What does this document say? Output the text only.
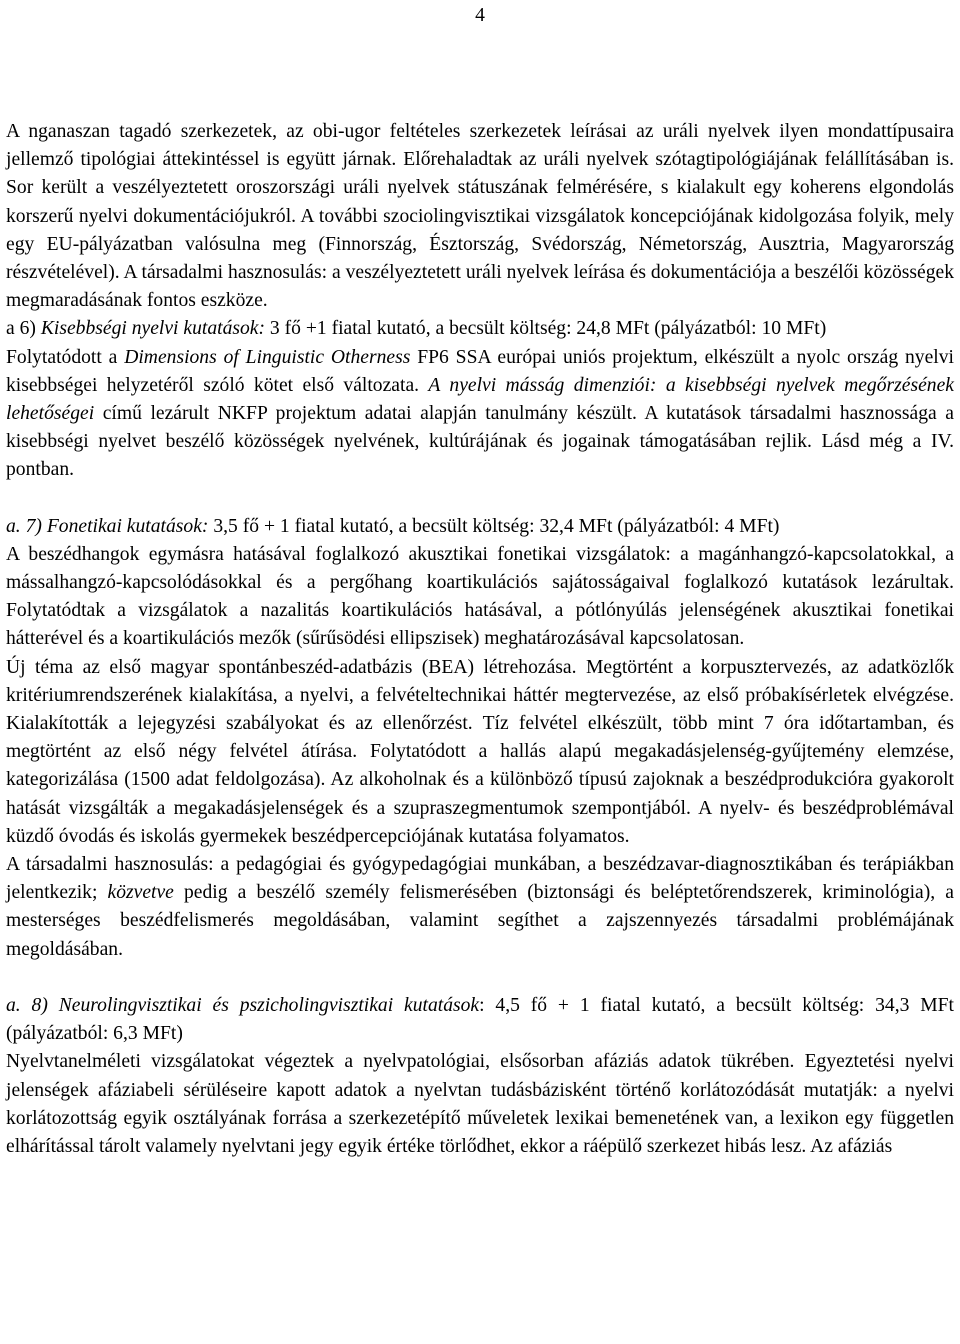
4

A nganaszan tagadó szerkezetek, az obi-ugor feltételes szerkezetek leírásai az uráli nyelvek ilyen mondattípusaira jellemző tipológiai áttekintéssel is együtt járnak. Előrehaladtak az uráli nyelvek szótagtipológiájának felállításában is. Sor került a veszélyeztetett oroszországi uráli nyelvek státuszának felmérésére, s kialakult egy koherens elgondolás korszerű nyelvi dokumentációjukról. A további szociolingvisztikai vizsgálatok koncepciójának kidolgozása folyik, mely egy EU-pályázatban valósulna meg (Finnország, Észtország, Svédország, Németország, Ausztria, Magyarország részvételével). A társadalmi hasznosulás: a veszélyeztetett uráli nyelvek leírása és dokumentációja a beszélői közösségek megmaradásának fontos eszköze.

a 6) Kisebbségi nyelvi kutatások: 3 fő +1 fiatal kutató, a becsült költség: 24,8 MFt (pályázatból: 10 MFt)

Folytatódott a Dimensions of Linguistic Otherness FP6 SSA európai uniós projektum, elkészült a nyolc ország nyelvi kisebbségei helyzetéről szóló kötet első változata. A nyelvi másság dimenziói: a kisebbségi nyelvek megőrzésének lehetőségei című lezárult NKFP projektum adatai alapján tanulmány készült. A kutatások társadalmi hasznossága a kisebbségi nyelvet beszélő közösségek nyelvének, kultúrájának és jogainak támogatásában rejlik. Lásd még a IV. pontban.

a. 7) Fonetikai kutatások: 3,5 fő + 1 fiatal kutató, a becsült költség: 32,4 MFt (pályázatból: 4 MFt)

A beszédhangok egymásra hatásával foglalkozó akusztikai fonetikai vizsgálatok: a magánhangzó-kapcsolatokkal, a mássalhangzó-kapcsolódásokkal és a pergőhang koartikulációs sajátosságaival foglalkozó kutatások lezárultak. Folytatódtak a vizsgálatok a nazalitás koartikulációs hatásával, a pótlónyúlás jelenségének akusztikai fonetikai hátterével és a koartikulációs mezők (sűrűsödési ellipszisek) meghatározásával kapcsolatosan.

Új téma az első magyar spontánbeszéd-adatbázis (BEA) létrehozása. Megtörtént a korpusztervezés, az adatközlők kritériumrendszerének kialakítása, a nyelvi, a felvételtechnikai háttér megtervezése, az első próbakísérletek elvégzése. Kialakították a lejegyzési szabályokat és az ellenőrzést. Tíz felvétel elkészült, több mint 7 óra időtartamban, és megtörtént az első négy felvétel átírása. Folytatódott a hallás alapú megakadásjelenség-gyűjtemény elemzése, kategorizálása (1500 adat feldolgozása). Az alkoholnak és a különböző típusú zajoknak a beszédprodukcióra gyakorolt hatását vizsgálták a megakadásjelenségek és a szupraszegmentumok szempontjából. A nyelv- és beszédproblémával küzdő óvodás és iskolás gyermekek beszédpercepciójának kutatása folyamatos.

A társadalmi hasznosulás: a pedagógiai és gyógypedagógiai munkában, a beszédzavar-diagnosztikában és terápiákban jelentkezik; közvetve pedig a beszélő személy felismerésében (biztonsági és beléptetőrendszerek, kriminológia), a mesterséges beszédfelismerés megoldásában, valamint segíthet a zajszennyezés társadalmi problémájának megoldásában.

a. 8) Neurolingvisztikai és pszicholingvisztikai kutatások: 4,5 fő + 1 fiatal kutató, a becsült költség: 34,3 MFt (pályázatból: 6,3 MFt)

Nyelvtanelméleti vizsgálatokat végeztek a nyelvpatológiai, elsősorban afáziás adatok tükrében. Egyeztetési nyelvi jelenségek afáziabeli sérüléseire kapott adatok a nyelvtan tudásbázisként történő korlátozódását mutatják: a nyelvi korlátozottság egyik osztályának forrása a szerkezetépítő műveletek lexikai bemenetének van, a lexikon egy független elhárítással tárolt valamely nyelvtani jegy egyik értéke törlődhet, ekkor a ráépülő szerkezet hibás lesz. Az afáziás
